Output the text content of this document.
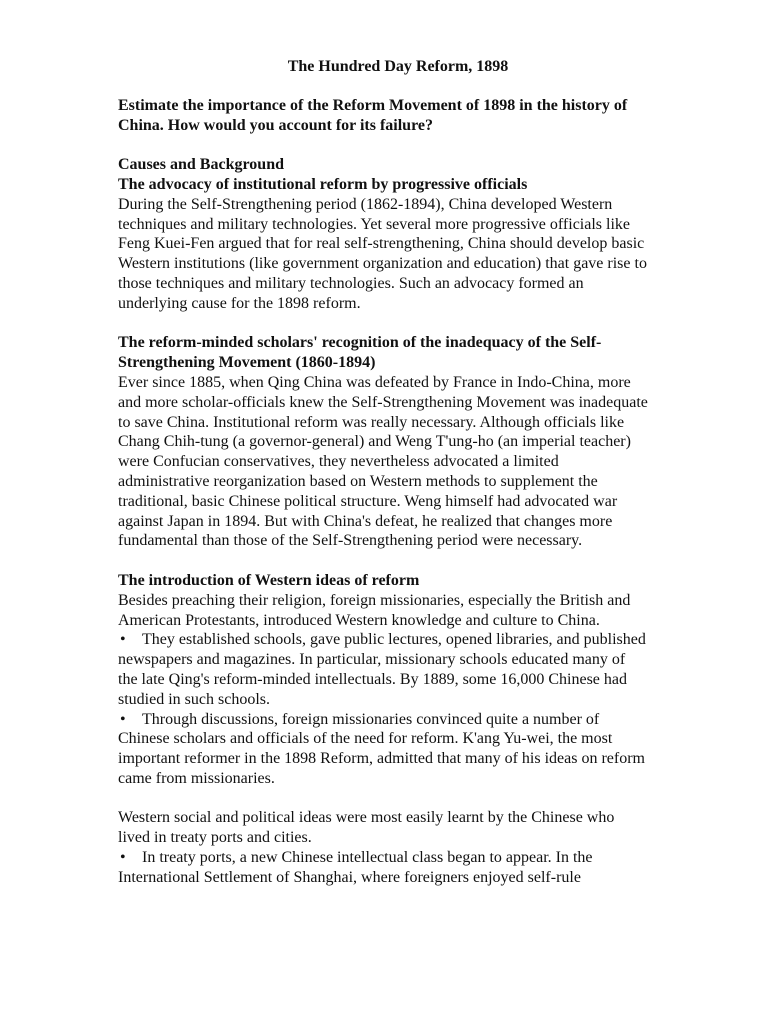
The Hundred Day Reform, 1898

Estimate the importance of the Reform Movement of 1898 in the history of China. How would you account for its failure?

Causes and Background

The advocacy of institutional reform by progressive officials

During the Self-Strengthening period (1862-1894), China developed Western techniques and military technologies. Yet several more progressive officials like Feng Kuei-Fen argued that for real self-strengthening, China should develop basic Western institutions (like government organization and education) that gave rise to those techniques and military technologies. Such an advocacy formed an underlying cause for the 1898 reform.

The reform-minded scholars' recognition of the inadequacy of the Self-Strengthening Movement (1860-1894)

Ever since 1885, when Qing China was defeated by France in Indo-China, more and more scholar-officials knew the Self-Strengthening Movement was inadequate to save China. Institutional reform was really necessary. Although officials like Chang Chih-tung (a governor-general) and Weng T'ung-ho (an imperial teacher) were Confucian conservatives, they nevertheless advocated a limited administrative reorganization based on Western methods to supplement the traditional, basic Chinese political structure. Weng himself had advocated war against Japan in 1894. But with China's defeat, he realized that changes more fundamental than those of the Self-Strengthening period were necessary.

The introduction of Western ideas of reform

Besides preaching their religion, foreign missionaries, especially the British and American Protestants, introduced Western knowledge and culture to China.

• They established schools, gave public lectures, opened libraries, and published newspapers and magazines. In particular, missionary schools educated many of the late Qing's reform-minded intellectuals. By 1889, some 16,000 Chinese had studied in such schools.

• Through discussions, foreign missionaries convinced quite a number of Chinese scholars and officials of the need for reform. K'ang Yu-wei, the most important reformer in the 1898 Reform, admitted that many of his ideas on reform came from missionaries.

Western social and political ideas were most easily learnt by the Chinese who lived in treaty ports and cities.

• In treaty ports, a new Chinese intellectual class began to appear. In the International Settlement of Shanghai, where foreigners enjoyed self-rule
